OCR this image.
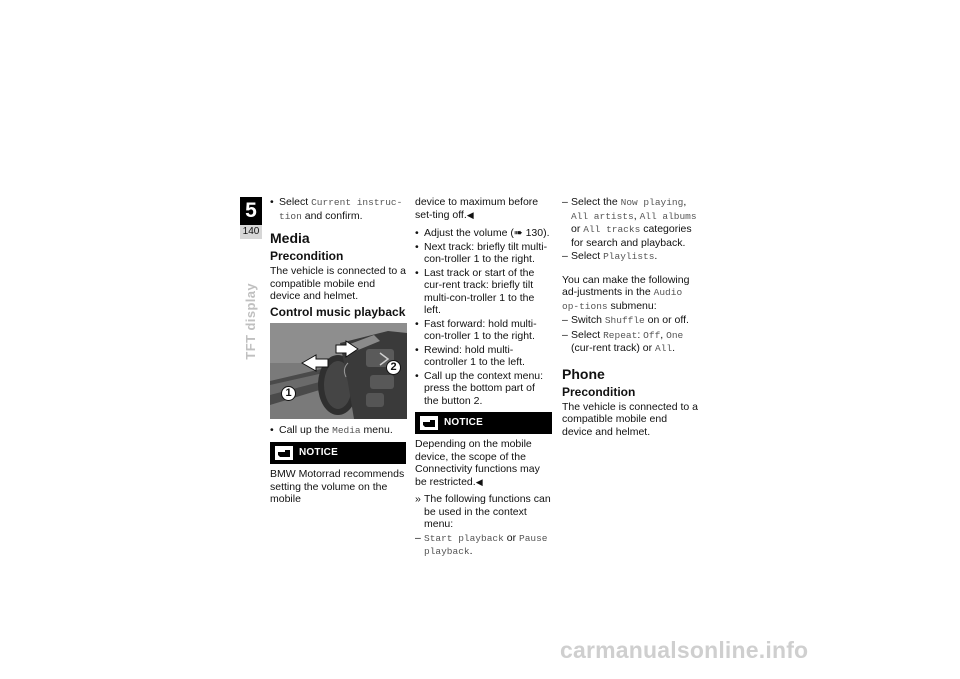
5
140
TFT display
• Select Current instruc-
tion and confirm.
Media
Precondition

The vehicle is connected to a compatible mobile end device and helmet.

Control music playback
1
2
• Call up the Media menu.
NOTICE

BMW Motorrad recommends setting the volume on the mobile

device to maximum before set-ting off.◀

• Adjust the volume (➠ 130).
• Next track: briefly tilt multi-con-troller 1 to the right.
• Last track or start of the cur-rent track: briefly tilt multi-con-troller 1 to the left.
• Fast forward: hold multi-con-troller 1 to the right.
• Rewind: hold multi-controller 1 to the left.
• Call up the context menu: press the bottom part of the button 2.
NOTICE

Depending on the mobile device, the scope of the Connectivity functions may be restricted.◀

» The following functions can be used in the context menu:
– Start playback or Pause playback.
– Select the Now playing, All artists, All albums or All tracks categories for search and playback.
– Select Playlists.

You can make the following ad-justments in the Audio op-tions submenu:

– Switch Shuffle on or off.
– Select Repeat: Off, One (cur-rent track) or All.
Phone
Precondition

The vehicle is connected to a compatible mobile end device and helmet.

carmanualsonline.info
